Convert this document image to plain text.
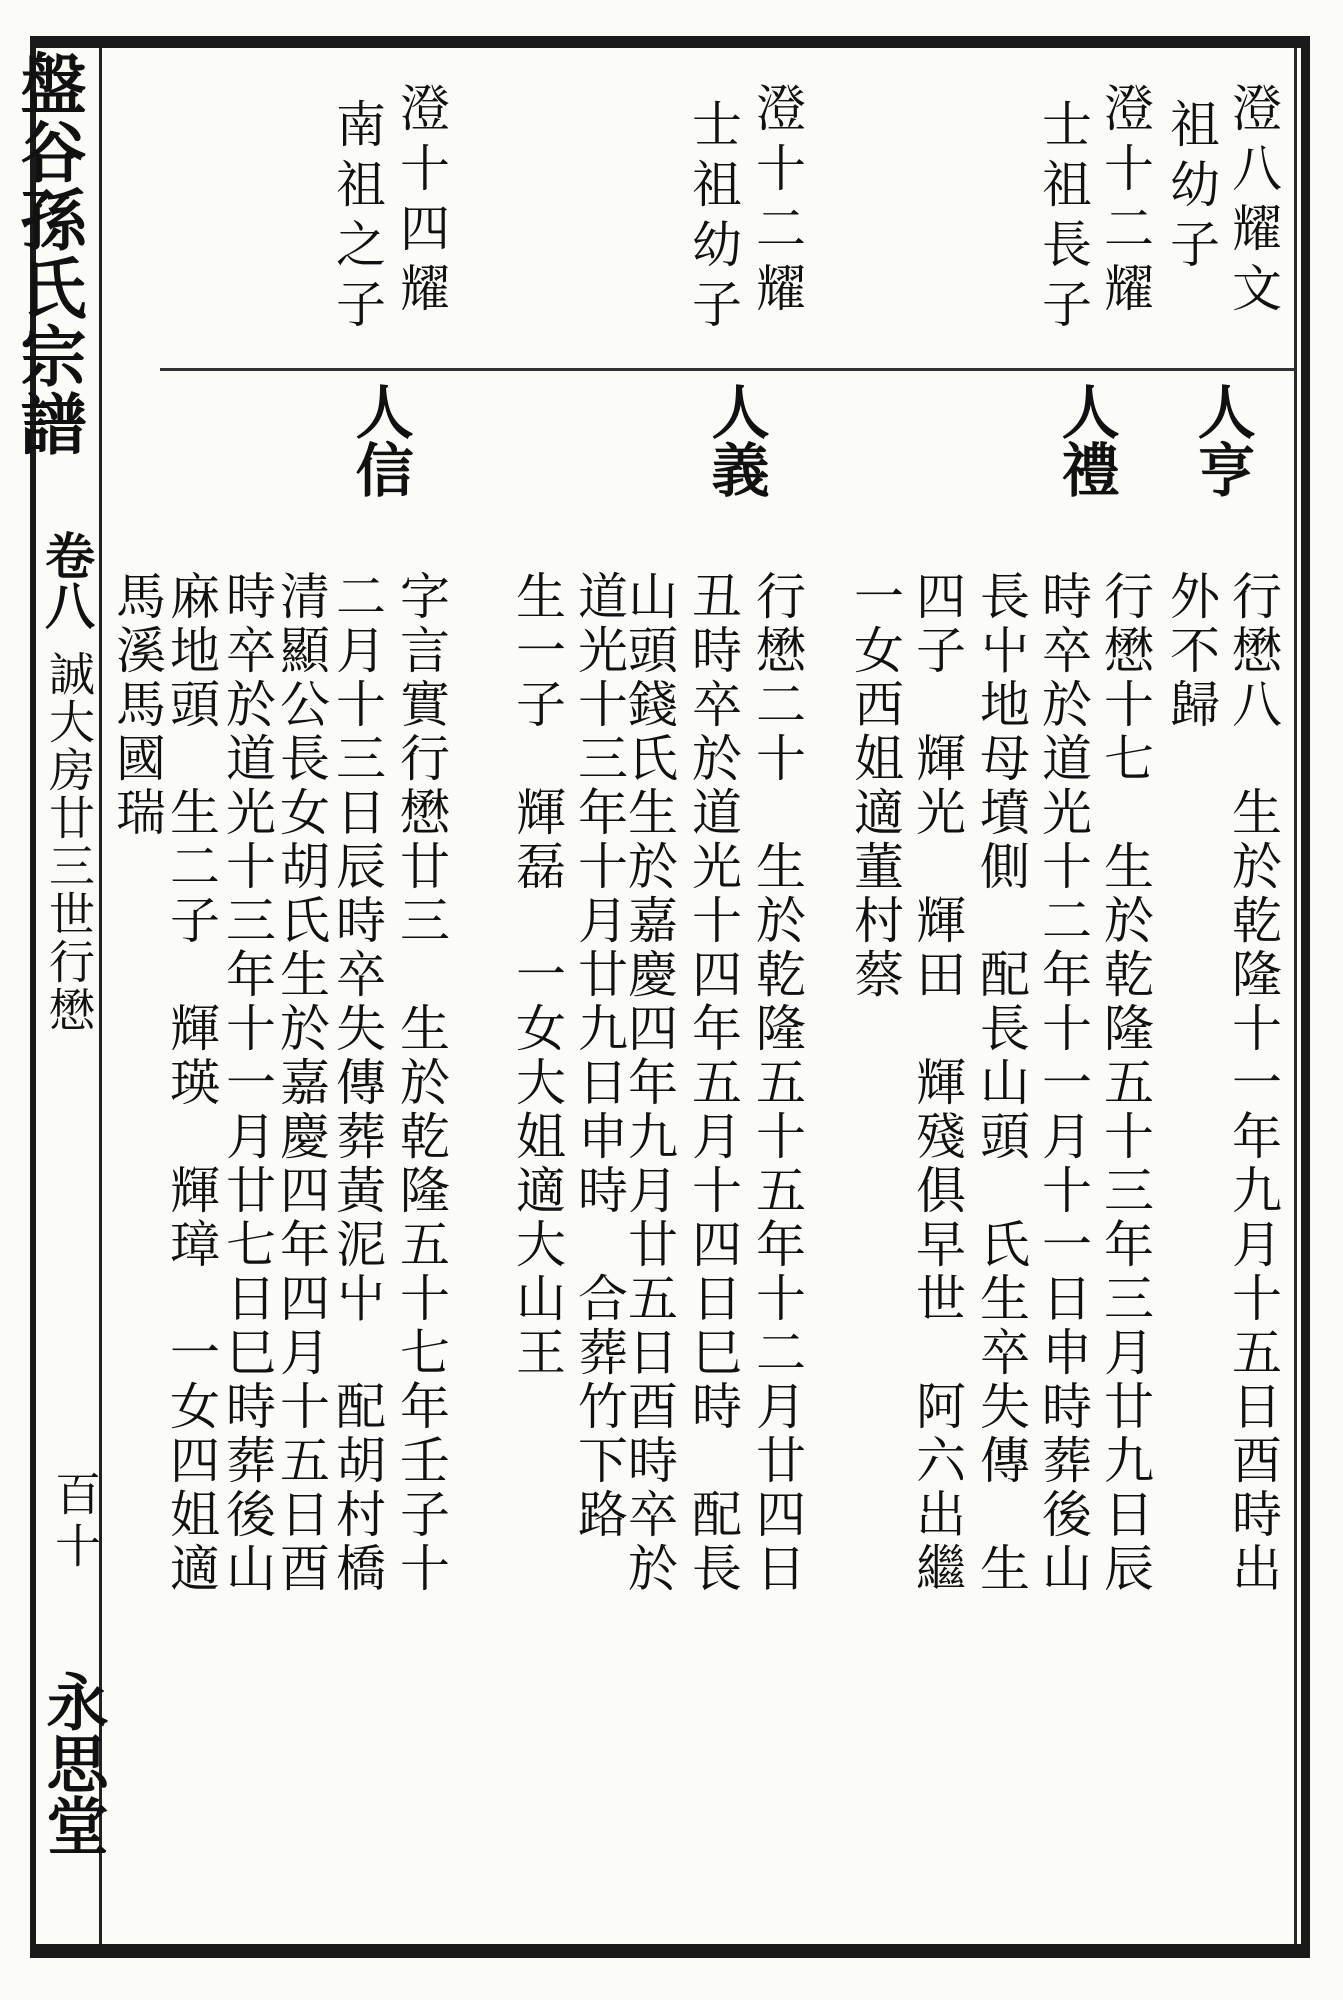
盤谷孫氏宗譜
卷八
誠大房廿三世行懋
百十
永思堂
澄八耀文
祖幼子
澄十二耀
士祖長子
澄十二耀
士祖幼子
澄十四耀
南祖之子
人亨
行懋八　生於乾隆十一年九月十五日酉時出
外不歸
人禮
行懋十七　生於乾隆五十三年三月廿九日辰
時卒於道光十二年十一月十一日申時葬後山
長屮地母墳側　配長山頭　氏生卒失傳　生
四子　輝光　輝田　輝殘俱早世　阿六出繼
一女西姐適董村蔡
人義
行懋二十　生於乾隆五十五年十二月廿四日
丑時卒於道光十四年五月十四日巳時　配長
山頭錢氏生於嘉慶四年九月廿五日酉時卒於
道光十三年十月廿九日申時　合葬竹下路
生一子　輝磊　一女大姐適大山王
人信
字言實行懋廿三　生於乾隆五十七年壬子十
二月十三日辰時卒失傳葬黃泥屮　配胡村橋
清顯公長女胡氏生於嘉慶四年四月十五日酉
時卒於道光十三年十一月廿七日巳時葬後山
麻地頭　生二子　輝瑛　輝璋　一女四姐適
馬溪馬國瑞
